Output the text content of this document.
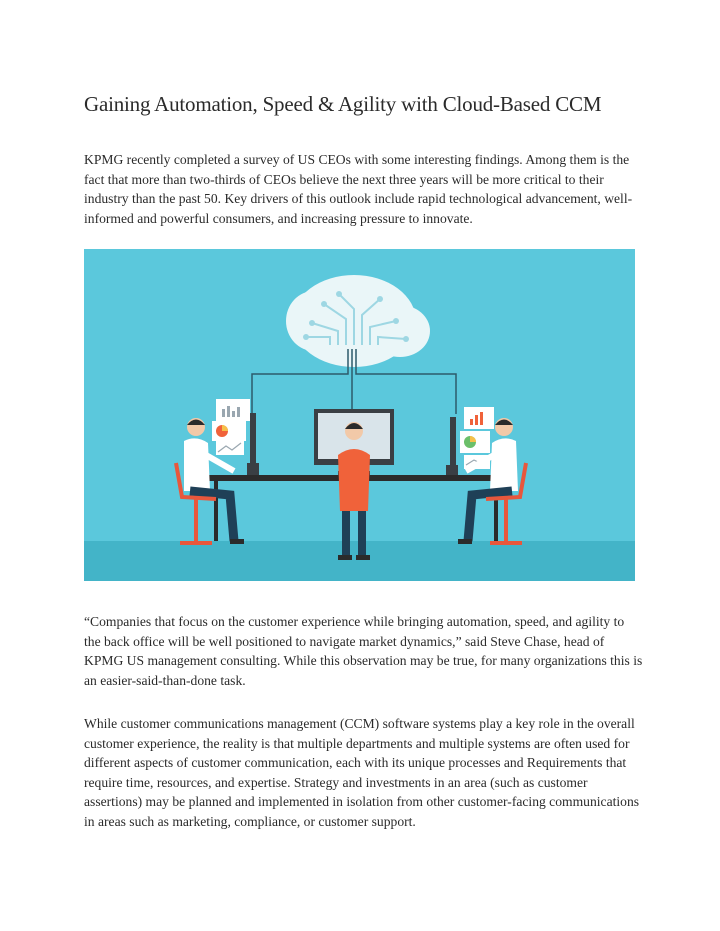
Gaining Automation, Speed & Agility with Cloud-Based CCM

KPMG recently completed a survey of US CEOs with some interesting findings. Among them is the fact that more than two-thirds of CEOs believe the next three years will be more critical to their industry than the past 50. Key drivers of this outlook include rapid technological advancement, well-informed and powerful consumers, and increasing pressure to innovate.

“Companies that focus on the customer experience while bringing automation, speed, and agility to the back office will be well positioned to navigate market dynamics,” said Steve Chase, head of KPMG US management consulting. While this observation may be true, for many organizations this is an easier-said-than-done task.

While customer communications management (CCM) software systems play a key role in the overall customer experience, the reality is that multiple departments and multiple systems are often used for different aspects of customer communication, each with its unique processes and Requirements that require time, resources, and expertise. Strategy and investments in an area (such as customer assertions) may be planned and implemented in isolation from other customer-facing communications in areas such as marketing, compliance, or customer support.
